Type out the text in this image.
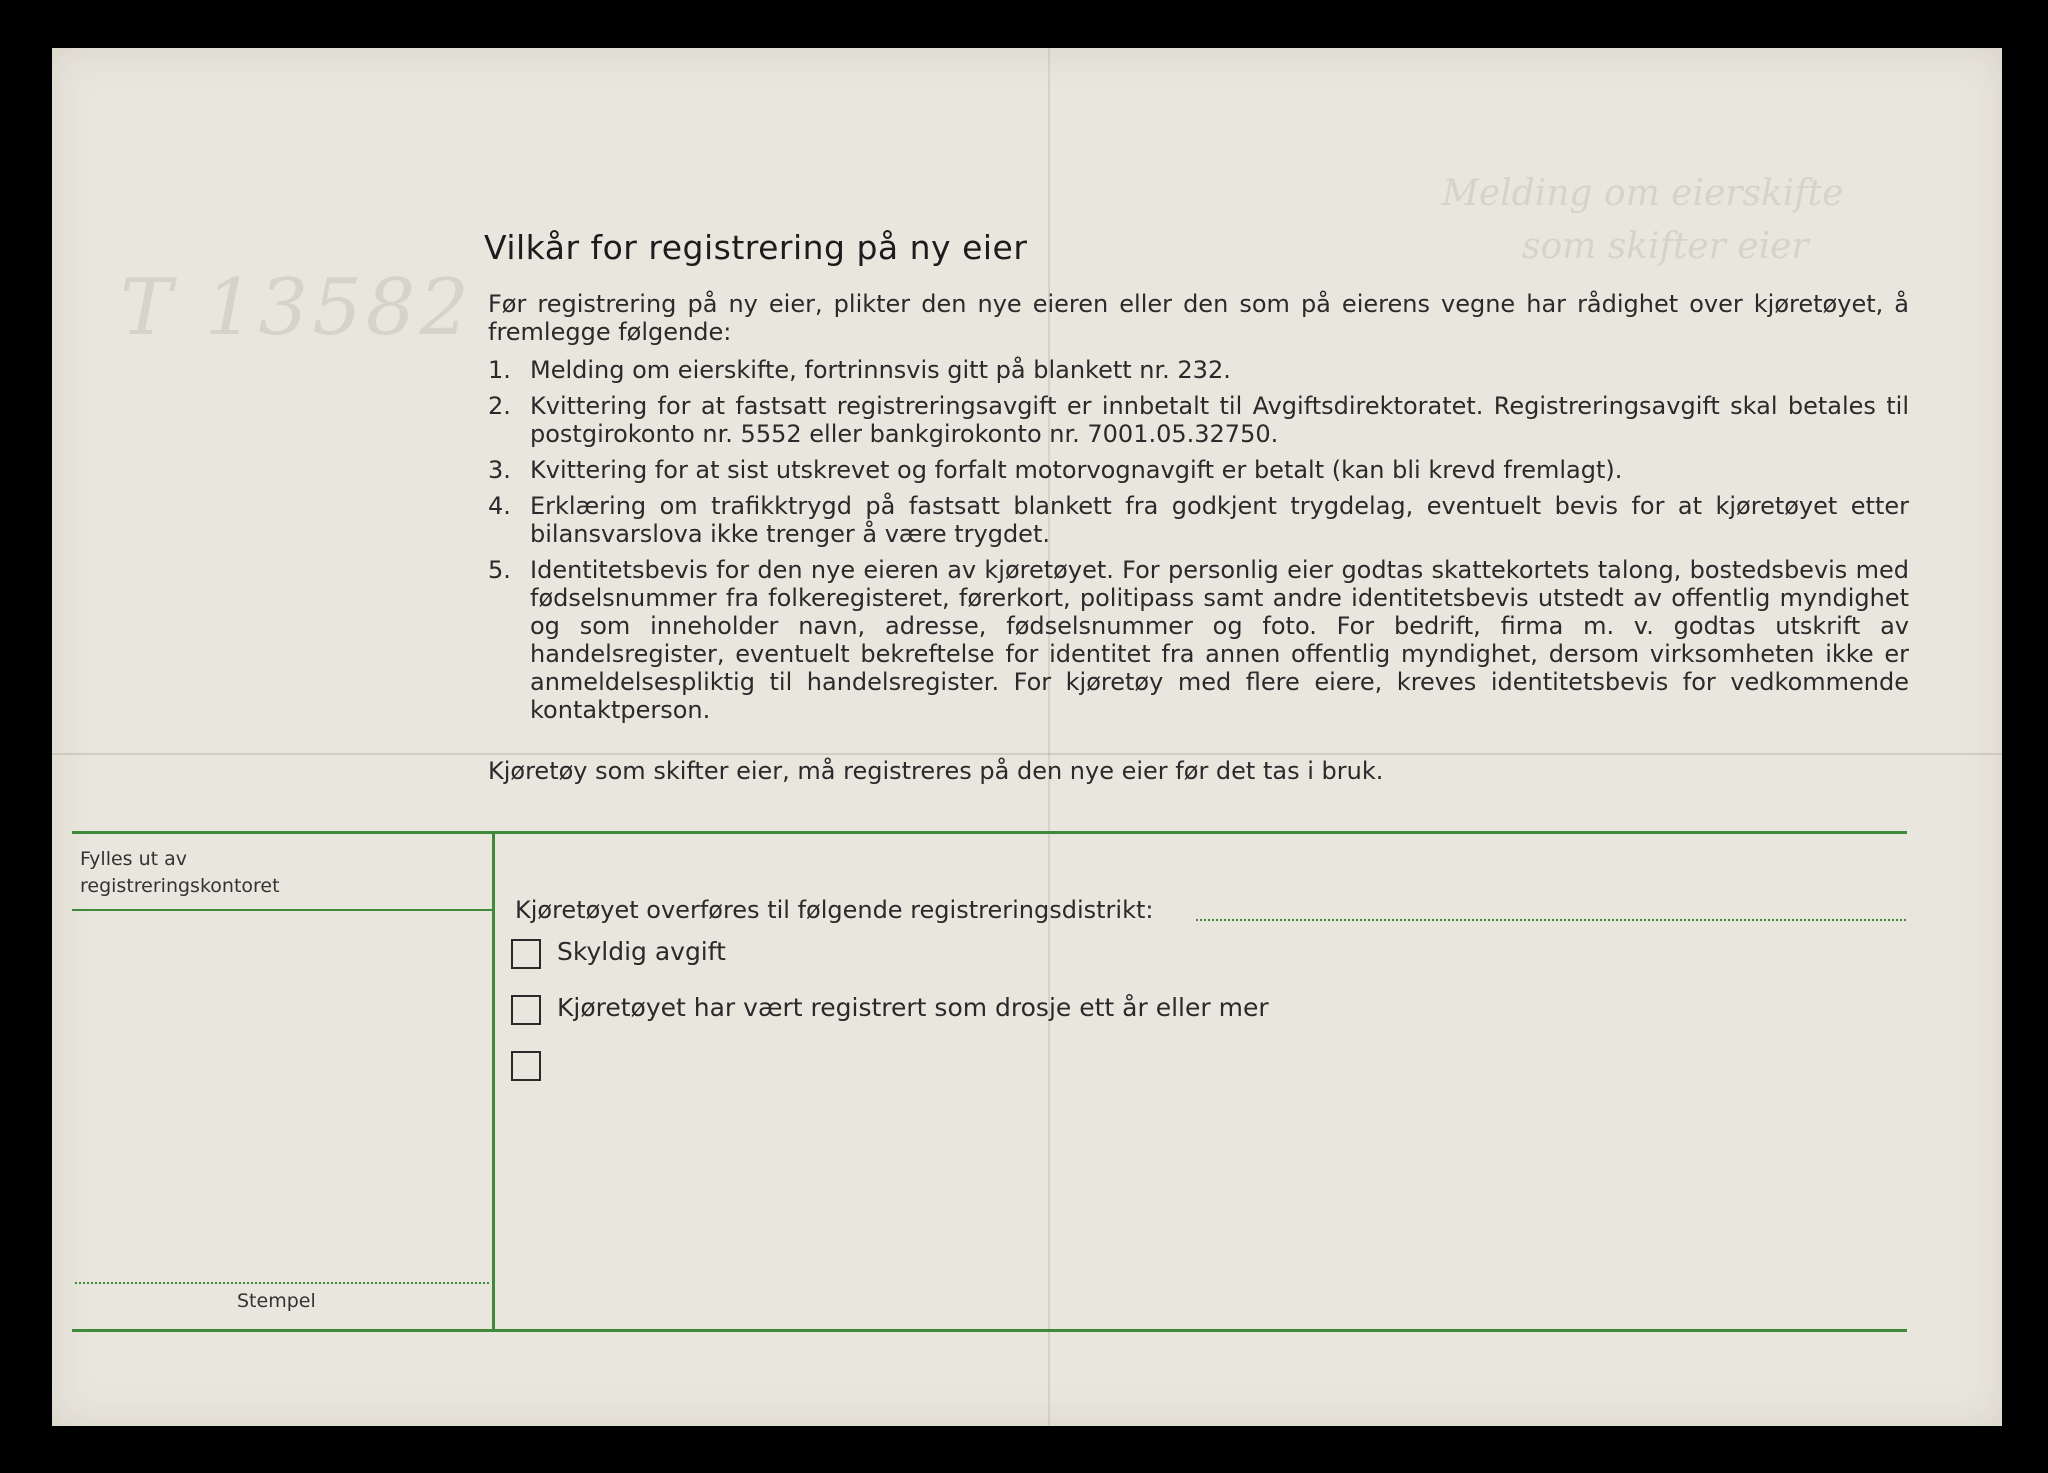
T 13582
Melding om eierskifte
som skifter eier
Vilkår for registrering på ny eier

Før registrering på ny eier, plikter den nye eieren eller den som på eierens vegne har rådighet over kjøretøyet, å fremlegge følgende:

1. Melding om eierskifte, fortrinnsvis gitt på blankett nr. 232.
2. Kvittering for at fastsatt registreringsavgift er innbetalt til Avgiftsdirektoratet. Registreringsavgift skal betales til postgirokonto nr. 5552 eller bankgirokonto nr. 7001.05.32750.
3. Kvittering for at sist utskrevet og forfalt motorvognavgift er betalt (kan bli krevd fremlagt).
4. Erklæring om trafikktrygd på fastsatt blankett fra godkjent trygdelag, eventuelt bevis for at kjøretøyet etter bilansvarslova ikke trenger å være trygdet.
5. Identitetsbevis for den nye eieren av kjøretøyet. For personlig eier godtas skattekortets talong, bostedsbevis med fødselsnummer fra folkeregisteret, førerkort, politipass samt andre identitetsbevis utstedt av offentlig myndighet og som inneholder navn, adresse, fødselsnummer og foto. For bedrift, firma m. v. godtas utskrift av handelsregister, eventuelt bekreftelse for identitet fra annen offentlig myndighet, dersom virksomheten ikke er anmeldelsespliktig til handelsregister. For kjøretøy med flere eiere, kreves identitetsbevis for vedkommende kontaktperson.
Kjøretøy som skifter eier, må registreres på den nye eier før det tas i bruk.
Fylles ut av
registreringskontoret
Stempel
Kjøretøyet overføres til følgende registreringsdistrikt:
Skyldig avgift
Kjøretøyet har vært registrert som drosje ett år eller mer
